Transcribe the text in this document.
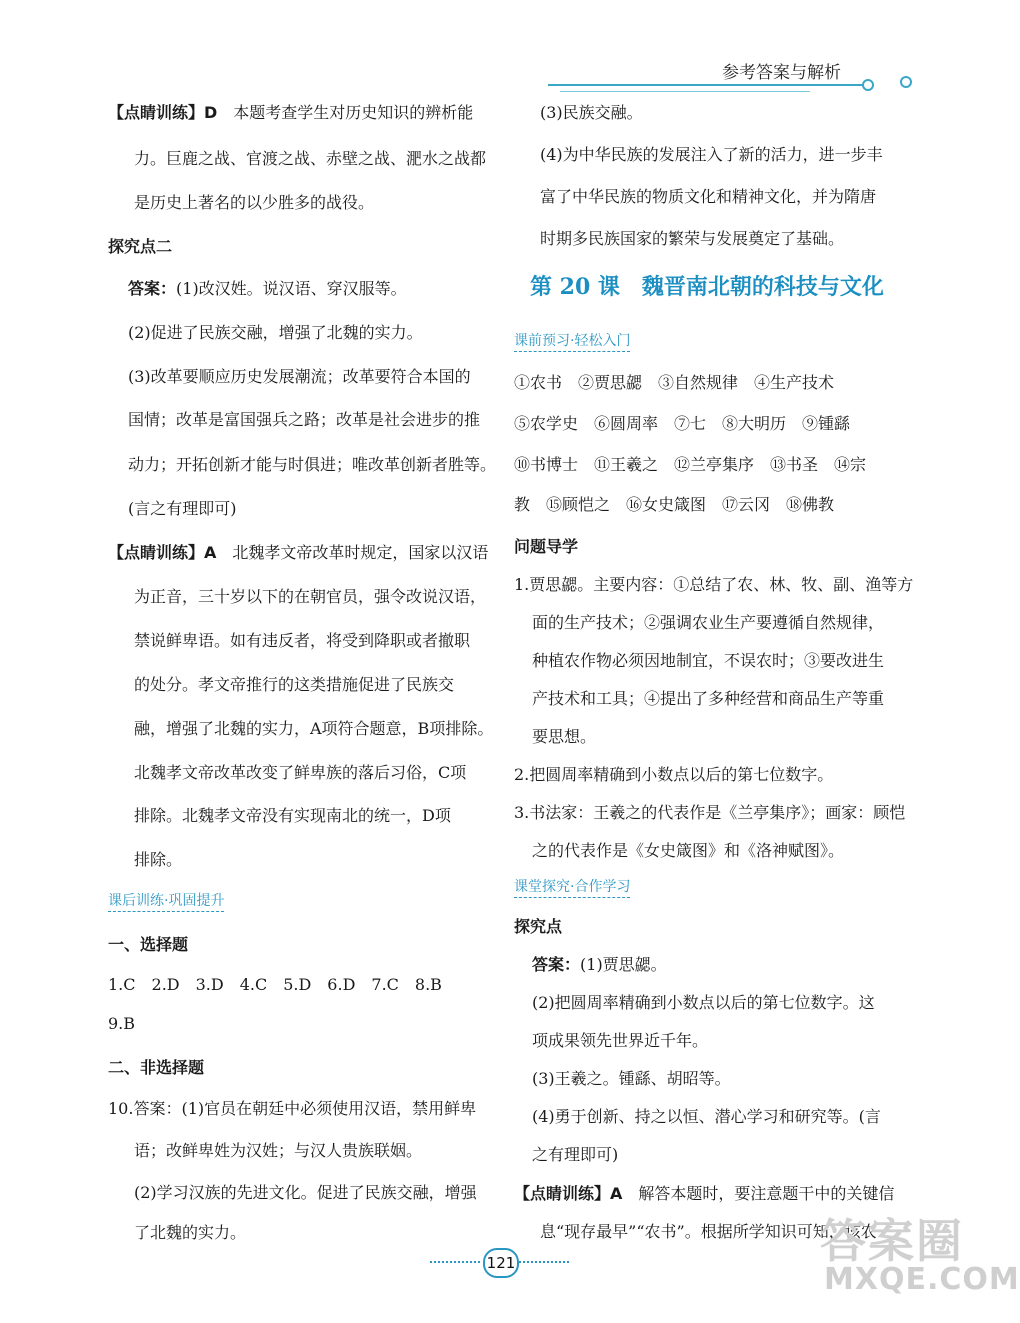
参考答案与解析
第 20 课　魏晋南北朝的科技与文化
【点睛训练】D　本题考查学生对历史知识的辨析能
力。巨鹿之战、官渡之战、赤壁之战、淝水之战都
是历史上著名的以少胜多的战役。
探究点二
答案：(1)改汉姓。说汉语、穿汉服等。
(2)促进了民族交融，增强了北魏的实力。
(3)改革要顺应历史发展潮流；改革要符合本国的
国情；改革是富国强兵之路；改革是社会进步的推
动力；开拓创新才能与时俱进；唯改革创新者胜等。
(言之有理即可)
【点睛训练】A　北魏孝文帝改革时规定，国家以汉语
为正音，三十岁以下的在朝官员，强令改说汉语，
禁说鲜卑语。如有违反者，将受到降职或者撤职
的处分。孝文帝推行的这类措施促进了民族交
融，增强了北魏的实力，A项符合题意，B项排除。
北魏孝文帝改革改变了鲜卑族的落后习俗，C项
排除。北魏孝文帝没有实现南北的统一，D项
排除。
课后训练·巩固提升
一、选择题
1.C　2.D　3.D　4.C　5.D　6.D　7.C　8.B
9.B
二、非选择题
10.答案：(1)官员在朝廷中必须使用汉语，禁用鲜卑
语；改鲜卑姓为汉姓；与汉人贵族联姻。
(2)学习汉族的先进文化。促进了民族交融，增强
了北魏的实力。
(3)民族交融。
(4)为中华民族的发展注入了新的活力，进一步丰
富了中华民族的物质文化和精神文化，并为隋唐
时期多民族国家的繁荣与发展奠定了基础。
课前预习·轻松入门
①农书　②贾思勰　③自然规律　④生产技术
⑤农学史　⑥圆周率　⑦七　⑧大明历　⑨锺繇
⑩书博士　⑪王羲之　⑫兰亭集序　⑬书圣　⑭宗
教　⑮顾恺之　⑯女史箴图　⑰云冈　⑱佛教
问题导学
1.贾思勰。主要内容：①总结了农、林、牧、副、渔等方
面的生产技术；②强调农业生产要遵循自然规律，
种植农作物必须因地制宜，不误农时；③要改进生
产技术和工具；④提出了多种经营和商品生产等重
要思想。
2.把圆周率精确到小数点以后的第七位数字。
3.书法家：王羲之的代表作是《兰亭集序》；画家：顾恺
之的代表作是《女史箴图》和《洛神赋图》。
课堂探究·合作学习
探究点
答案：(1)贾思勰。
(2)把圆周率精确到小数点以后的第七位数字。这
项成果领先世界近千年。
(3)王羲之。锺繇、胡昭等。
(4)勇于创新、持之以恒、潜心学习和研究等。(言
之有理即可)
【点睛训练】A　解答本题时，要注意题干中的关键信
息“现存最早”“农书”。根据所学知识可知，该农
121	答案圈
MXQE.COM
